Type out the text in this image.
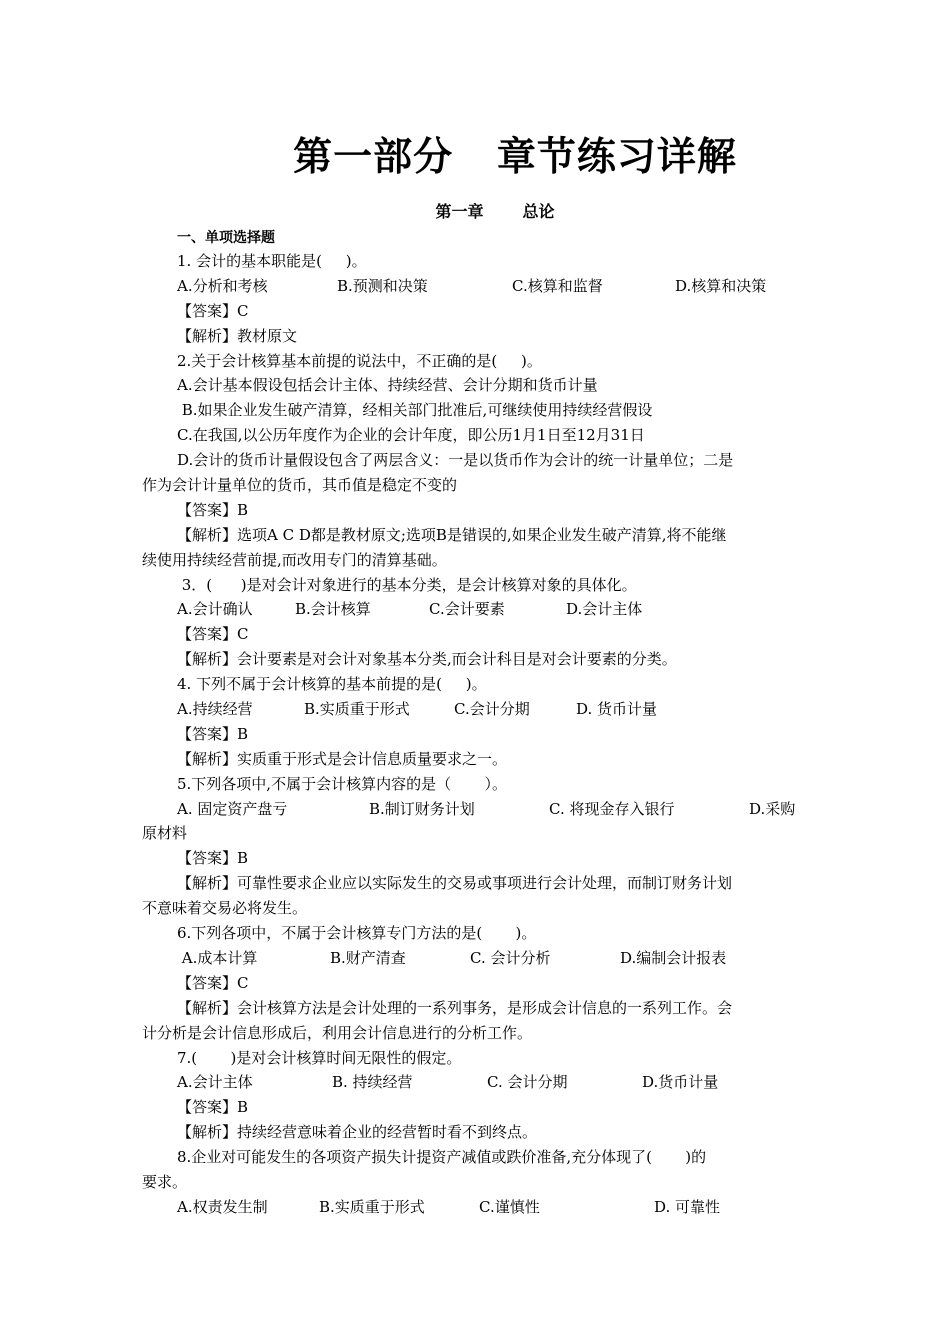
第一部分   章节练习详解
第一章       总论
一、单项选择题
1. 会计的基本职能是(     )。
A.分析和考核	B.预测和决策	C.核算和监督	D.核算和决策
【答案】C
【解析】教材原文
2.关于会计核算基本前提的说法中，不正确的是(     )。
A.会计基本假设包括会计主体、持续经营、会计分期和货币计量
B.如果企业发生破产清算，经相关部门批准后,可继续使用持续经营假设
C.在我国,以公历年度作为企业的会计年度，即公历1月1日至12月31日
D.会计的货币计量假设包含了两层含义：一是以货币作为会计的统一计量单位；二是
作为会计计量单位的货币，其币值是稳定不变的
【答案】B
【解析】选项A C D都是教材原文;选项B是错误的,如果企业发生破产清算,将不能继
续使用持续经营前提,而改用专门的清算基础。
3．(      )是对会计对象进行的基本分类，是会计核算对象的具体化。
A.会计确认	B.会计核算	C.会计要素	D.会计主体
【答案】C
【解析】会计要素是对会计对象基本分类,而会计科目是对会计要素的分类。
4. 下列不属于会计核算的基本前提的是(     )。
A.持续经营	B.实质重于形式	C.会计分期	D. 货币计量
【答案】B
【解析】实质重于形式是会计信息质量要求之一。
5.下列各项中,不属于会计核算内容的是（       ）。
A. 固定资产盘亏	B.制订财务计划	C. 将现金存入银行	D.采购
原材料
【答案】B
【解析】可靠性要求企业应以实际发生的交易或事项进行会计处理，而制订财务计划
不意味着交易必将发生。
6.下列各项中，不属于会计核算专门方法的是(       )。
A.成本计算	B.财产清查	C. 会计分析	D.编制会计报表
【答案】C
【解析】会计核算方法是会计处理的一系列事务，是形成会计信息的一系列工作。会
计分析是会计信息形成后，利用会计信息进行的分析工作。
7.(       )是对会计核算时间无限性的假定。
A.会计主体	B. 持续经营	C. 会计分期	D.货币计量
【答案】B
【解析】持续经营意味着企业的经营暂时看不到终点。
8.企业对可能发生的各项资产损失计提资产减值或跌价准备,充分体现了(       )的
要求。
A.权责发生制	B.实质重于形式	C.谨慎性	D. 可靠性
